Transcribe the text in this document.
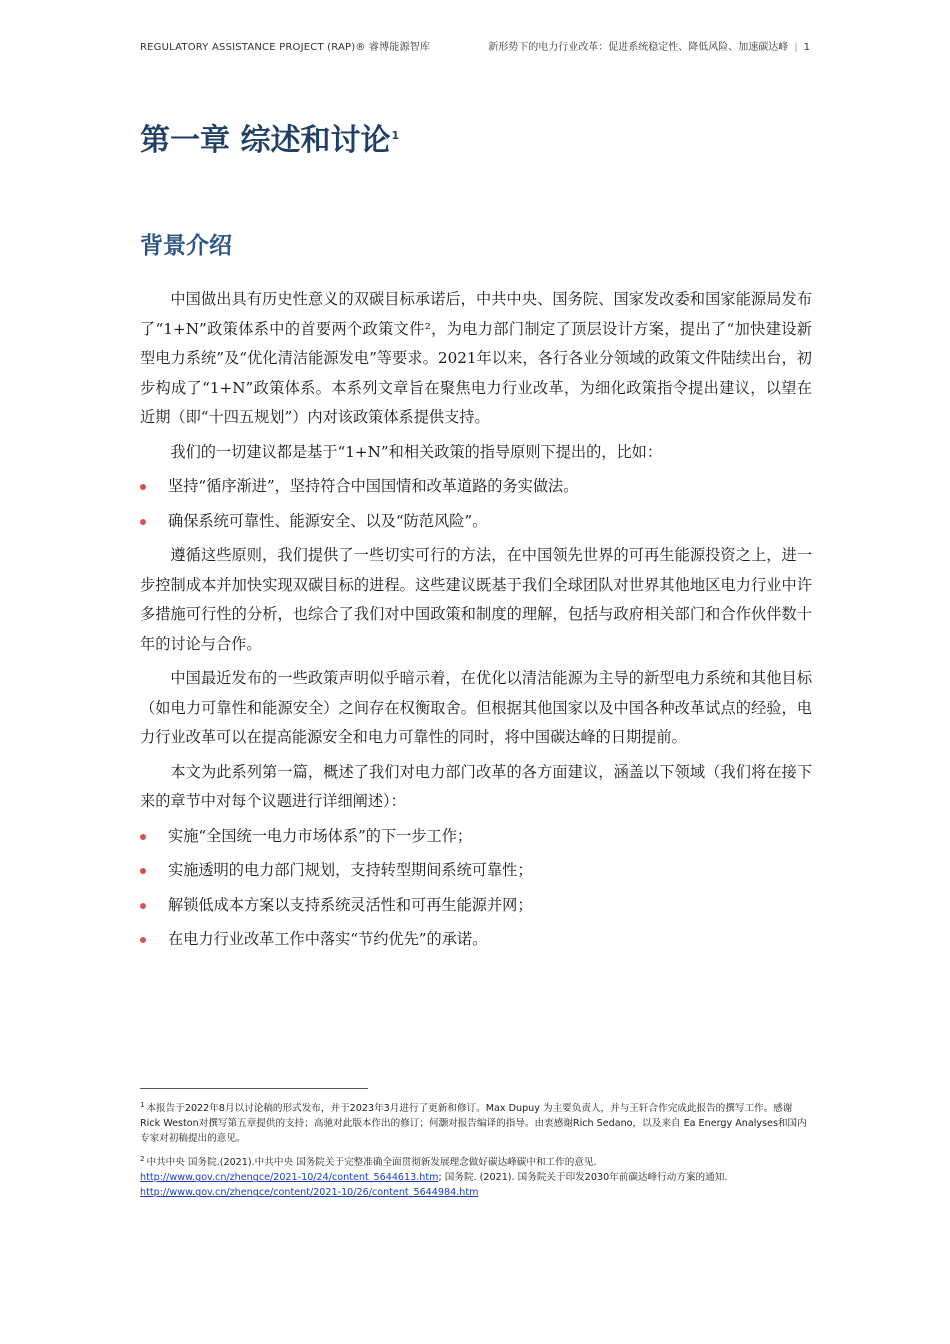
REGULATORY ASSISTANCE PROJECT (RAP)® 睿博能源智库	新形势下的电力行业改革：促进系统稳定性、降低风险、加速碳达峰 | 1
第一章 综述和讨论$^1$
背景介绍

中国做出具有历史性意义的双碳目标承诺后，中共中央、国务院、国家发改委和国家能源局发布了“1+N”政策体系中的首要两个政策文件²，为电力部门制定了顶层设计方案，提出了“加快建设新型电力系统”及“优化清洁能源发电”等要求。2021年以来，各行各业分领域的政策文件陆续出台，初步构成了“1+N”政策体系。本系列文章旨在聚焦电力行业改革，为细化政策指令提出建议，以望在近期（即“十四五规划”）内对该政策体系提供支持。

我们的一切建议都是基于“1+N”和相关政策的指导原则下提出的，比如：

坚持“循序渐进”，坚持符合中国国情和改革道路的务实做法。
确保系统可靠性、能源安全、以及“防范风险”。

遵循这些原则，我们提供了一些切实可行的方法，在中国领先世界的可再生能源投资之上，进一步控制成本并加快实现双碳目标的进程。这些建议既基于我们全球团队对世界其他地区电力行业中许多措施可行性的分析，也综合了我们对中国政策和制度的理解，包括与政府相关部门和合作伙伴数十年的讨论与合作。

中国最近发布的一些政策声明似乎暗示着，在优化以清洁能源为主导的新型电力系统和其他目标（如电力可靠性和能源安全）之间存在权衡取舍。但根据其他国家以及中国各种改革试点的经验，电力行业改革可以在提高能源安全和电力可靠性的同时，将中国碳达峰的日期提前。

本文为此系列第一篇，概述了我们对电力部门改革的各方面建议，涵盖以下领域（我们将在接下来的章节中对每个议题进行详细阐述）：

实施“全国统一电力市场体系”的下一步工作；
实施透明的电力部门规划，支持转型期间系统可靠性；
解锁低成本方案以支持系统灵活性和可再生能源并网；
在电力行业改革工作中落实“节约优先”的承诺。
$^1$ 本报告于2022年8月以讨论稿的形式发布，并于2023年3月进行了更新和修订。Max Dupuy 为主要负责人，并与王轩合作完成此报告的撰写工作。感谢Rick Weston对撰写第五章提供的支持；高驰对此版本作出的修订；何灏对报告编译的指导。由衷感谢Rich Sedano，以及来自 Ea Energy Analyses和国内专家对初稿提出的意见。
$^2$ 中共中央 国务院.(2021).中共中央 国务院关于完整准确全面贯彻新发展理念做好碳达峰碳中和工作的意见.
http://www.gov.cn/zhengce/2021-10/24/content_5644613.htm; 国务院. (2021). 国务院关于印发2030年前碳达峰行动方案的通知.
http://www.gov.cn/zhengce/content/2021-10/26/content_5644984.htm
